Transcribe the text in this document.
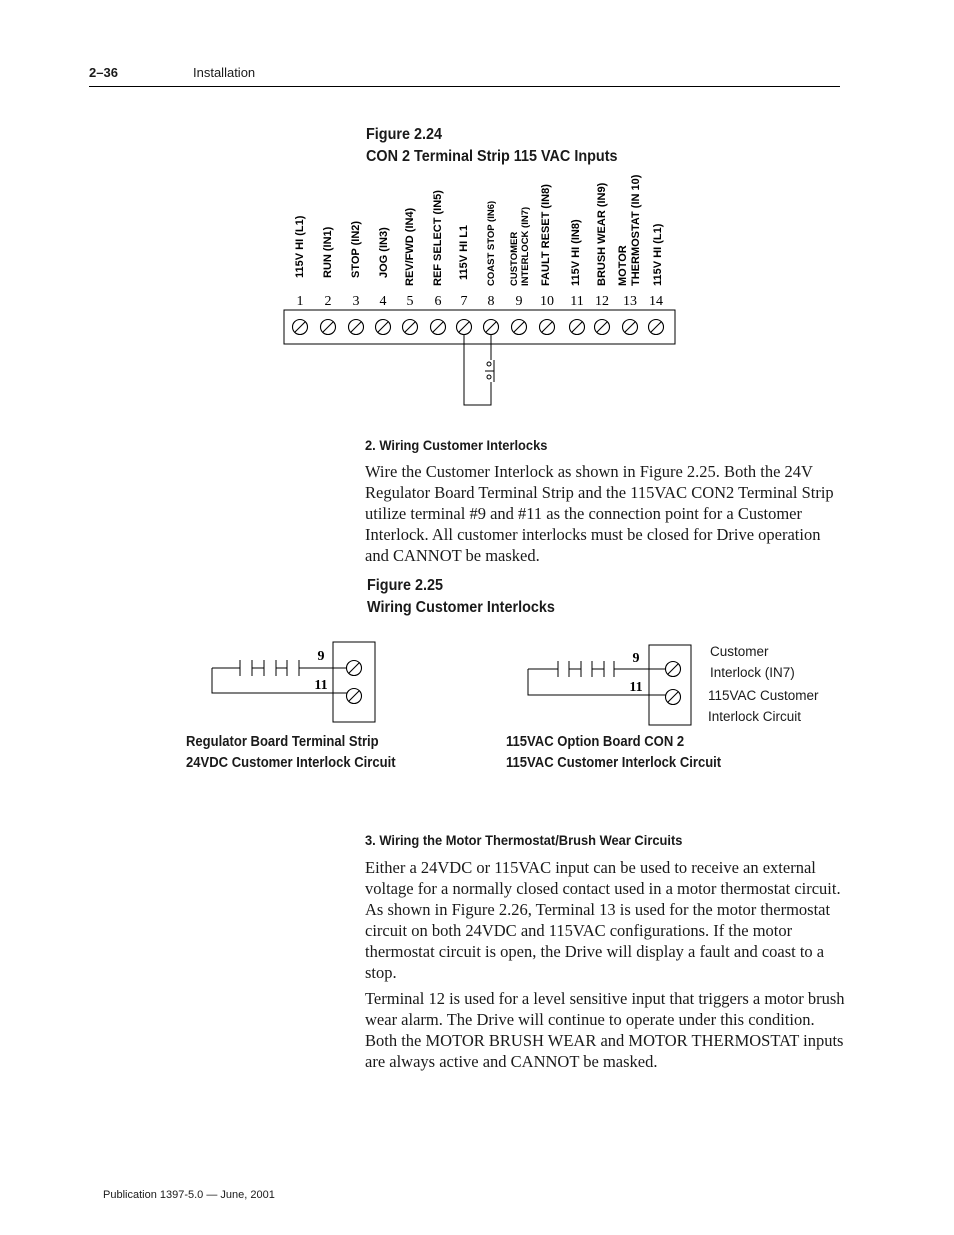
2–36	Installation
Figure 2.24
CON 2 Terminal Strip 115 VAC Inputs
115V HI (L1) RUN (IN1) STOP (IN2) JOG (IN3) REV/FWD (IN4) REF SELECT (IN5) 115V HI L1 COAST STOP (IN6) CUSTOMER INTERLOCK (IN7) FAULT RESET (IN8) 115V HI (IN8) BRUSH WEAR (IN9) MOTOR THERMOSTAT (IN 10) 115V HI (L1)
1 2 3 4 5 6 7 8 9 10 11 12 13 14
2. Wiring Customer Interlocks

Wire the Customer Interlock as shown in Figure 2.25. Both the 24V Regulator Board Terminal Strip and the 115VAC CON2 Terminal Strip utilize terminal #9 and #11 as the connection point for a Customer Interlock. All customer interlocks must be closed for Drive operation and CANNOT be masked.

Figure 2.25
Wiring Customer Interlocks
9
11
9
11
Customer
Interlock (IN7)
115VAC Customer
Interlock Circuit
Regulator Board Terminal Strip
24VDC Customer Interlock Circuit
115VAC Option Board CON 2
115VAC Customer Interlock Circuit
3. Wiring the Motor Thermostat/Brush Wear Circuits

Either a 24VDC or 115VAC input can be used to receive an external voltage for a normally closed contact used in a motor thermostat circuit. As shown in Figure 2.26, Terminal 13 is used for the motor thermostat circuit on both 24VDC and 115VAC configurations. If the motor thermostat circuit is open, the Drive will display a fault and coast to a stop.

Terminal 12 is used for a level sensitive input that triggers a motor brush wear alarm. The Drive will continue to operate under this condition. Both the MOTOR BRUSH WEAR and MOTOR THERMOSTAT inputs are always active and CANNOT be masked.

Publication 1397-5.0 — June, 2001
